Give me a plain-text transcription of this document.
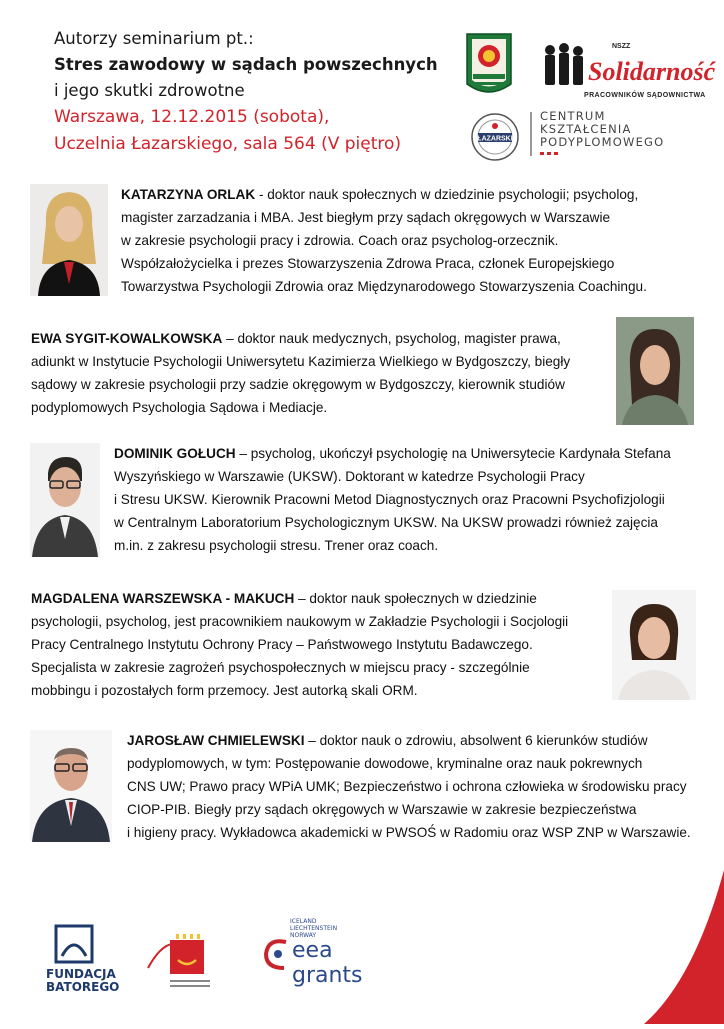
Autorzy seminarium pt.:
Stres zawodowy w sądach powszechnych
i jego skutki zdrowotne
Warszawa, 12.12.2015 (sobota),
Uczelnia Łazarskiego, sala 564 (V piętro)
Solidarność
NSZZ
PRACOWNIKÓW SĄDOWNICTWA
ŁAZARSKI
CENTRUM
KSZTAŁCENIA
PODYPLOMOWEGO

KATARZYNA ORLAK - doktor nauk społecznych w dziedzinie psychologii; psycholog,

magister zarzadzania i MBA. Jest biegłym przy sądach okręgowych w Warszawie

w zakresie psychologii pracy i zdrowia. Coach oraz psycholog-orzecznik.

Współzałożycielka i prezes Stowarzyszenia Zdrowa Praca, członek Europejskiego

Towarzystwa Psychologii Zdrowia oraz Międzynarodowego Stowarzyszenia Coachingu.

EWA SYGIT-KOWALKOWSKA – doktor nauk medycznych, psycholog, magister prawa,

adiunkt w Instytucie Psychologii Uniwersytetu Kazimierza Wielkiego w Bydgoszczy, biegły

sądowy w zakresie psychologii przy sadzie okręgowym w Bydgoszczy, kierownik studiów

podyplomowych Psychologia Sądowa i Mediacje.

DOMINIK GOŁUCH – psycholog, ukończył psychologię na Uniwersytecie Kardynała Stefana

Wyszyńskiego w Warszawie (UKSW). Doktorant w katedrze Psychologii Pracy

i Stresu UKSW. Kierownik Pracowni Metod Diagnostycznych oraz Pracowni Psychofizjologii

w Centralnym Laboratorium Psychologicznym UKSW. Na UKSW prowadzi również zajęcia

m.in. z zakresu psychologii stresu. Trener oraz coach.

MAGDALENA WARSZEWSKA - MAKUCH – doktor nauk społecznych w dziedzinie

psychologii, psycholog, jest pracownikiem naukowym w Zakładzie Psychologii i Socjologii

Pracy Centralnego Instytutu Ochrony Pracy – Państwowego Instytutu Badawczego.

Specjalista w zakresie zagrożeń psychospołecznych w miejscu pracy - szczególnie

mobbingu i pozostałych form przemocy. Jest autorką skali ORM.

JAROSŁAW CHMIELEWSKI – doktor nauk o zdrowiu, absolwent 6 kierunków studiów

podyplomowych, w tym: Postępowanie dowodowe, kryminalne oraz nauk pokrewnych

CNS UW; Prawo pracy WPiA UMK; Bezpieczeństwo i ochrona człowieka w środowisku pracy

CIOP-PIB. Biegły przy sądach okręgowych w Warszawie w zakresie bezpieczeństwa

i higieny pracy. Wykładowca akademicki w PWSOŚ w Radomiu oraz WSP ZNP w Warszawie.

FUNDACJA
BATOREGO
ICELAND
LIECHTENSTEIN
NORWAY
eea
grants
